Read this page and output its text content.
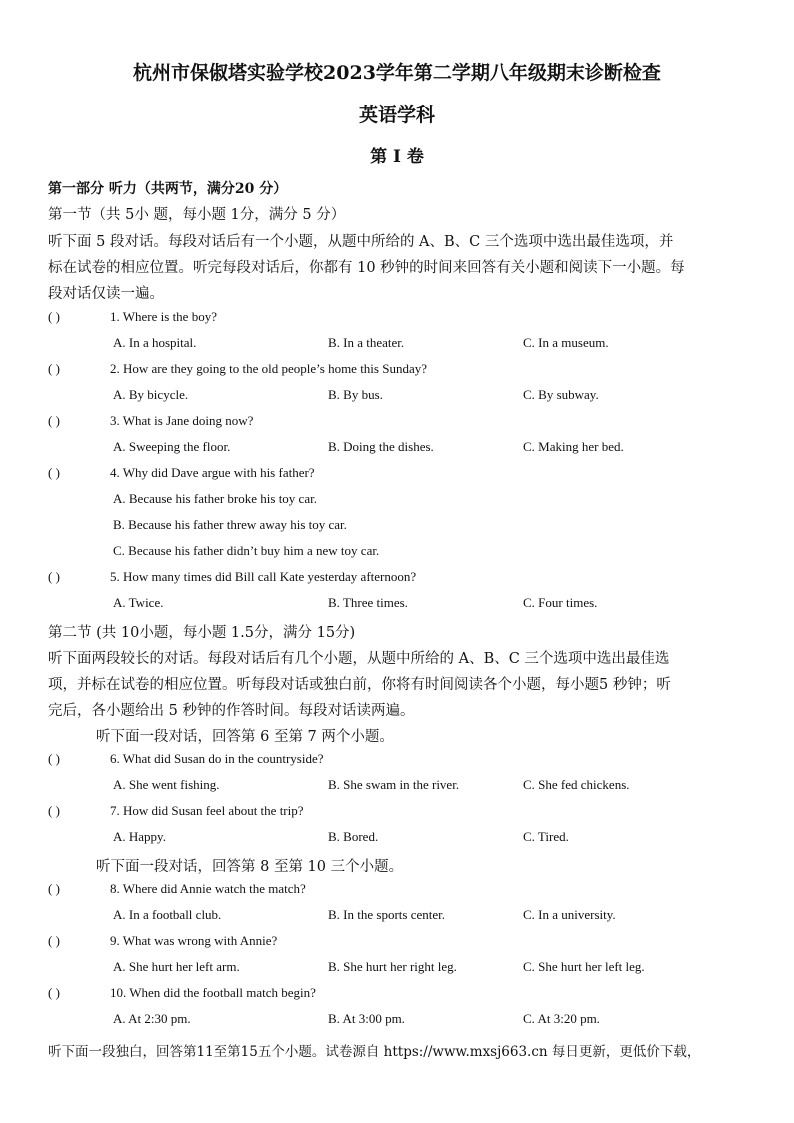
杭州市保俶塔实验学校2023学年第二学期八年级期末诊断检查
英语学科
第 I 卷
第一部分 听力（共两节，满分20 分）
第一节（共 5小 题，每小题 1分，满分 5 分）
听下面 5 段对话。每段对话后有一个小题，从题中所给的 A、B、C 三个选项中选出最佳选项，并
标在试卷的相应位置。听完每段对话后，你都有 10 秒钟的时间来回答有关小题和阅读下一小题。每
段对话仅读一遍。
( )	1. Where is the boy?
A. In a hospital.	B. In a theater.	C. In a museum.
( )	2. How are they going to the old people’s home this Sunday?
A. By bicycle.	B. By bus.	C. By subway.
( )	3. What is Jane doing now?
A. Sweeping the floor.	B. Doing the dishes.	C. Making her bed.
( )	4. Why did Dave argue with his father?
A. Because his father broke his toy car.
B. Because his father threw away his toy car.
C. Because his father didn’t buy him a new toy car.
( )	5. How many times did Bill call Kate yesterday afternoon?
A. Twice.	B. Three times.	C. Four times.
第二节 (共 10小题，每小题 1.5分，满分 15分)
听下面两段较长的对话。每段对话后有几个小题，从题中所给的 A、B、C 三个选项中选出最佳选
项，并标在试卷的相应位置。听每段对话或独白前，你将有时间阅读各个小题，每小题5 秒钟；听
完后，各小题给出 5 秒钟的作答时间。每段对话读两遍。
听下面一段对话，回答第 6 至第 7 两个小题。
( )	6. What did Susan do in the countryside?
A. She went fishing.	B. She swam in the river.	C. She fed chickens.
( )	7. How did Susan feel about the trip?
A. Happy.	B. Bored.	C. Tired.
听下面一段对话，回答第 8 至第 10 三个小题。
( )	8. Where did Annie watch the match?
A. In a football club.	B. In the sports center.	C. In a university.
( )	9. What was wrong with Annie?
A. She hurt her left arm.	B. She hurt her right leg.	C. She hurt her left leg.
( )	10. When did the football match begin?
A. At 2:30 pm.	B. At 3:00 pm.	C. At 3:20 pm.
听下面一段独白，回答第11至第15五个小题。试卷源自 https://www.mxsj663.cn 每日更新，更低价下载，
